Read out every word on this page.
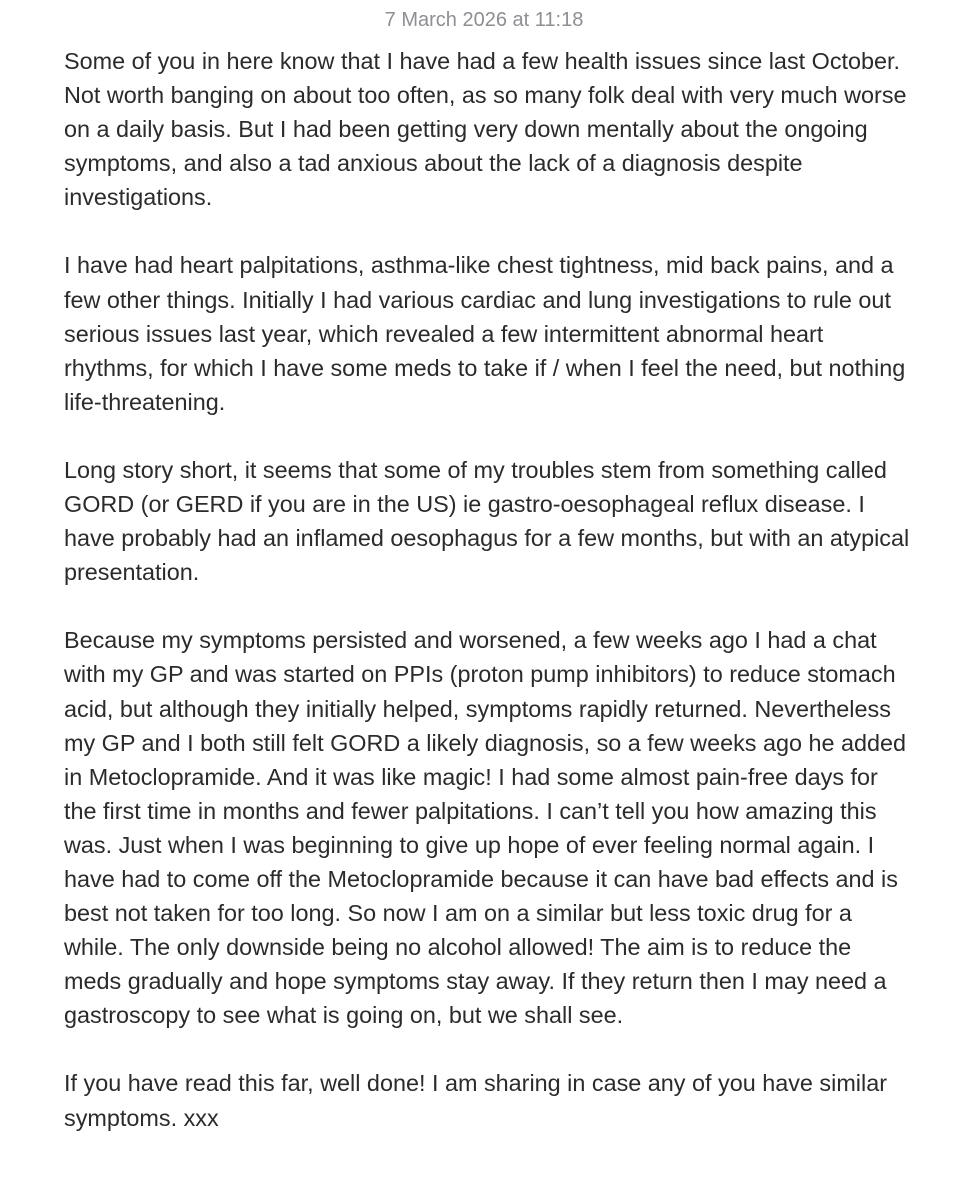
7 March 2026 at 11:18

Some of you in here know that I have had a few health issues since last October. Not worth banging on about too often, as so many folk deal with very much worse on a daily basis. But I had been getting very down mentally about the ongoing symptoms, and also a tad anxious about the lack of a diagnosis despite investigations.

I have had heart palpitations, asthma-like chest tightness, mid back pains, and a few other things. Initially I had various cardiac and lung investigations to rule out serious issues last year, which revealed a few intermittent abnormal heart rhythms, for which I have some meds to take if / when I feel the need, but nothing life-threatening.

Long story short, it seems that some of my troubles stem from something called GORD (or GERD if you are in the US) ie gastro-oesophageal reflux disease. I have probably had an inflamed oesophagus for a few months, but with an atypical presentation.

Because my symptoms persisted and worsened, a few weeks ago I had a chat with my GP and was started on PPIs (proton pump inhibitors) to reduce stomach acid, but although they initially helped, symptoms rapidly returned. Nevertheless my GP and I both still felt GORD a likely diagnosis, so a few weeks ago he added in Metoclopramide. And it was like magic! I had some almost pain-free days for the first time in months and fewer palpitations. I can’t tell you how amazing this was. Just when I was beginning to give up hope of ever feeling normal again. I have had to come off the Metoclopramide because it can have bad effects and is best not taken for too long. So now I am on a similar but less toxic drug for a while. The only downside being no alcohol allowed! The aim is to reduce the meds gradually and hope symptoms stay away. If they return then I may need a gastroscopy to see what is going on, but we shall see.

If you have read this far, well done! I am sharing in case any of you have similar symptoms. xxx
